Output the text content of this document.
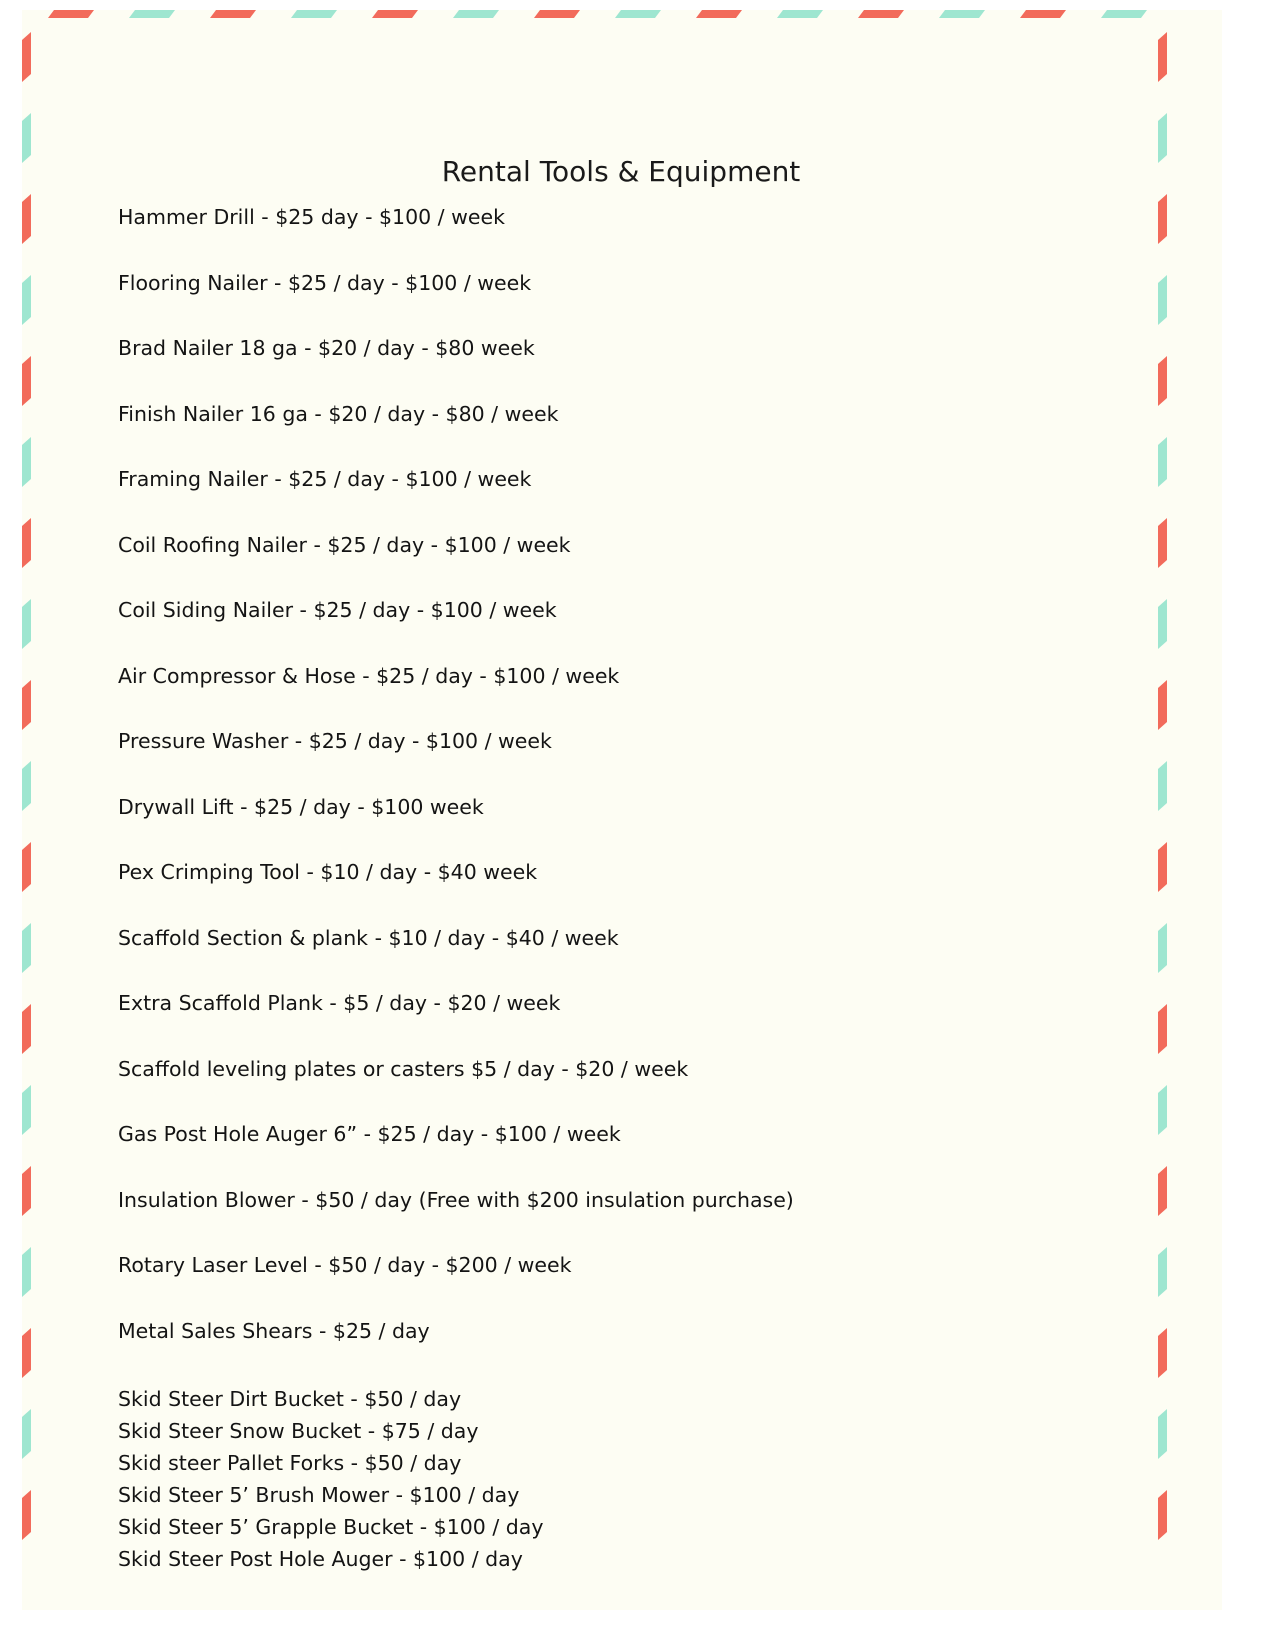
Rental Tools & Equipment
Hammer Drill - $25 day - $100 / week
Flooring Nailer - $25 / day - $100 / week
Brad Nailer 18 ga - $20 / day - $80 week
Finish Nailer 16 ga - $20 / day - $80 / week
Framing Nailer - $25 / day - $100 / week
Coil Roofing Nailer - $25 / day - $100 / week
Coil Siding Nailer - $25 / day - $100 / week
Air Compressor & Hose - $25 / day - $100 / week
Pressure Washer - $25 / day - $100 / week
Drywall Lift - $25 / day - $100 week
Pex Crimping Tool - $10 / day - $40 week
Scaffold Section & plank - $10 / day - $40 / week
Extra Scaffold Plank - $5 / day - $20 / week
Scaffold leveling plates or casters $5 / day - $20 / week
Gas Post Hole Auger 6” - $25 / day - $100 / week
Insulation Blower - $50 / day (Free with $200 insulation purchase)
Rotary Laser Level - $50 / day - $200 / week
Metal Sales Shears - $25 / day
Skid Steer Dirt Bucket - $50 / day
Skid Steer Snow Bucket - $75 / day
Skid steer Pallet Forks - $50 / day
Skid Steer 5’ Brush Mower - $100 / day
Skid Steer 5’ Grapple Bucket - $100 / day
Skid Steer Post Hole Auger - $100 / day
